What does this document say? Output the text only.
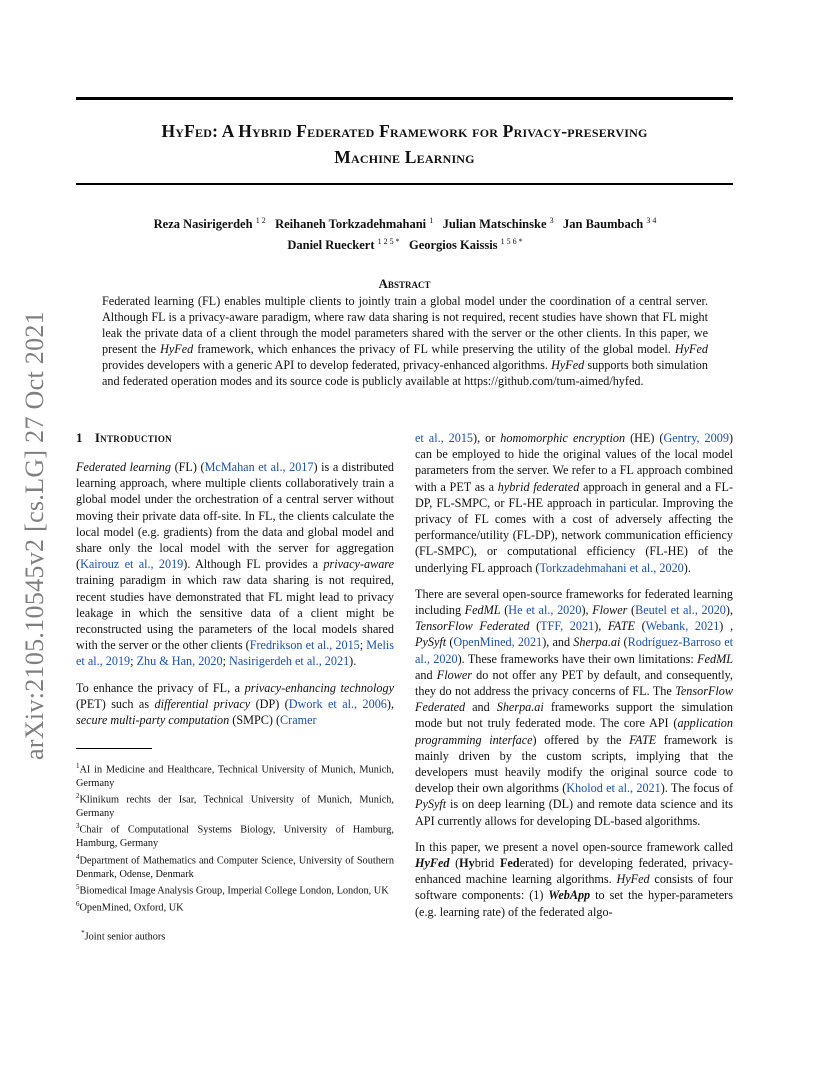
HyFed: A Hybrid Federated Framework for Privacy-preserving
Machine Learning
Reza Nasirigerdeh $^{1 2}$ Reihaneh Torkzadehmahani $^1$ Julian Matschinske $^3$ Jan Baumbach $^{3 4}$
Daniel Rueckert $^{1 2 5 *}$ Georgios Kaissis $^{1 5 6 *}$
arXiv:2105.10545v2 [cs.LG] 27 Oct 2021
Abstract
Federated learning (FL) enables multiple clients to jointly train a global model under the coordination of a central server. Although FL is a privacy-aware paradigm, where raw data sharing is not required, recent studies have shown that FL might leak the private data of a client through the model parameters shared with the server or the other clients. In this paper, we present the HyFed framework, which enhances the privacy of FL while preserving the utility of the global model. HyFed provides developers with a generic API to develop federated, privacy-enhanced algorithms. HyFed supports both simulation and federated operation modes and its source code is publicly available at https://github.com/tum-aimed/hyfed.
1 Introduction

Federated learning (FL) (McMahan et al., 2017) is a distributed learning approach, where multiple clients collaboratively train a global model under the orchestration of a central server without moving their private data off-site. In FL, the clients calculate the local model (e.g. gradients) from the data and global model and share only the local model with the server for aggregation (Kairouz et al., 2019). Although FL provides a privacy-aware training paradigm in which raw data sharing is not required, recent studies have demonstrated that FL might lead to privacy leakage in which the sensitive data of a client might be reconstructed using the parameters of the local models shared with the server or the other clients (Fredrikson et al., 2015; Melis et al., 2019; Zhu & Han, 2020; Nasirigerdeh et al., 2021).

To enhance the privacy of FL, a privacy-enhancing technology (PET) such as differential privacy (DP) (Dwork et al., 2006), secure multi-party computation (SMPC) (Cramer

$^1$AI in Medicine and Healthcare, Technical University of Munich, Munich, Germany

$^2$Klinikum rechts der Isar, Technical University of Munich, Munich, Germany

$^3$Chair of Computational Systems Biology, University of Hamburg, Hamburg, Germany

$^4$Department of Mathematics and Computer Science, University of Southern Denmark, Odense, Denmark

$^5$Biomedical Image Analysis Group, Imperial College London, London, UK

$^6$OpenMined, Oxford, UK

*Joint senior authors

et al., 2015), or homomorphic encryption (HE) (Gentry, 2009) can be employed to hide the original values of the local model parameters from the server. We refer to a FL approach combined with a PET as a hybrid federated approach in general and a FL-DP, FL-SMPC, or FL-HE approach in particular. Improving the privacy of FL comes with a cost of adversely affecting the performance/utility (FL-DP), network communication efficiency (FL-SMPC), or computational efficiency (FL-HE) of the underlying FL approach (Torkzadehmahani et al., 2020).

There are several open-source frameworks for federated learning including FedML (He et al., 2020), Flower (Beutel et al., 2020), TensorFlow Federated (TFF, 2021), FATE (Webank, 2021) , PySyft (OpenMined, 2021), and Sherpa.ai (Rodríguez-Barroso et al., 2020). These frameworks have their own limitations: FedML and Flower do not offer any PET by default, and consequently, they do not address the privacy concerns of FL. The TensorFlow Federated and Sherpa.ai frameworks support the simulation mode but not truly federated mode. The core API (application programming interface) offered by the FATE framework is mainly driven by the custom scripts, implying that the developers must heavily modify the original source code to develop their own algorithms (Kholod et al., 2021). The focus of PySyft is on deep learning (DL) and remote data science and its API currently allows for developing DL-based algorithms.

In this paper, we present a novel open-source framework called HyFed (Hybrid Federated) for developing federated, privacy-enhanced machine learning algorithms. HyFed consists of four software components: (1) WebApp to set the hyper-parameters (e.g. learning rate) of the federated algo-
